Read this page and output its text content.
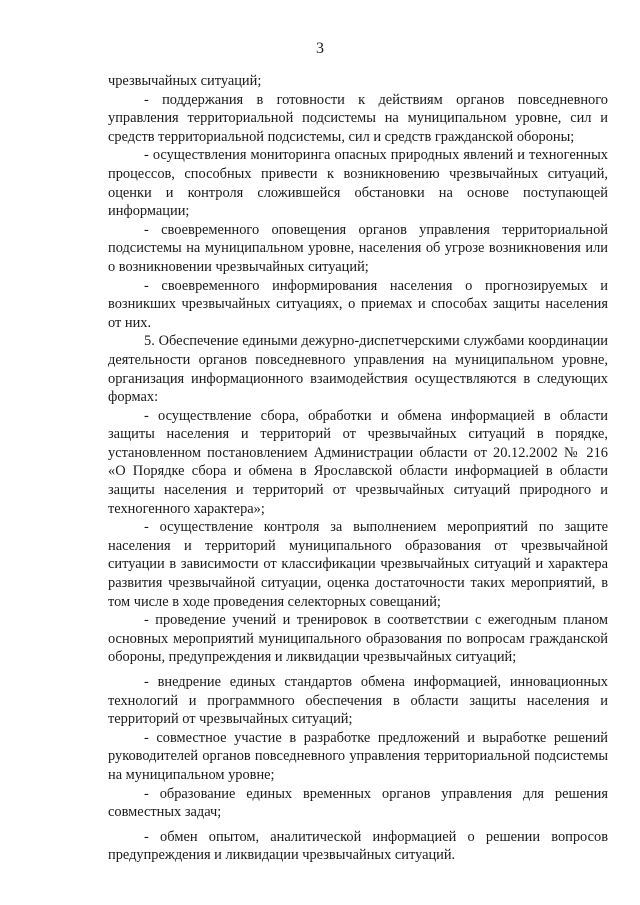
3

чрезвычайных ситуаций;

- поддержания в готовности к действиям органов повседневного управления территориальной подсистемы на муниципальном уровне, сил и средств территориальной подсистемы, сил и средств гражданской обороны;

- осуществления мониторинга опасных природных явлений и техногенных процессов, способных привести к возникновению чрезвычайных ситуаций, оценки и контроля сложившейся обстановки на основе поступающей информации;

- своевременного оповещения органов управления территориальной подсистемы на муниципальном уровне, населения об угрозе возникновения или о возникновении чрезвычайных ситуаций;

- своевременного информирования населения о прогнозируемых и возникших чрезвычайных ситуациях, о приемах и способах защиты населения от них.

5. Обеспечение едиными дежурно-диспетчерскими службами координации деятельности органов повседневного управления на муниципальном уровне, организация информационного взаимодействия осуществляются в следующих формах:

- осуществление сбора, обработки и обмена информацией в области защиты населения и территорий от чрезвычайных ситуаций в порядке, установленном постановлением Администрации области от 20.12.2002 № 216 «О Порядке сбора и обмена в Ярославской области информацией в области защиты населения и территорий от чрезвычайных ситуаций природного и техногенного характера»;

- осуществление контроля за выполнением мероприятий по защите населения и территорий муниципального образования от чрезвычайной ситуации в зависимости от классификации чрезвычайных ситуаций и характера развития чрезвычайной ситуации, оценка достаточности таких мероприятий, в том числе в ходе проведения селекторных совещаний;

- проведение учений и тренировок в соответствии с ежегодным планом основных мероприятий муниципального образования по вопросам гражданской обороны, предупреждения и ликвидации чрезвычайных ситуаций;

- внедрение единых стандартов обмена информацией, инновационных технологий и программного обеспечения в области защиты населения и территорий от чрезвычайных ситуаций;

- совместное участие в разработке предложений и выработке решений руководителей органов повседневного управления территориальной подсистемы на муниципальном уровне;

- образование единых временных органов управления для решения совместных задач;

- обмен опытом, аналитической информацией о решении вопросов предупреждения и ликвидации чрезвычайных ситуаций.
